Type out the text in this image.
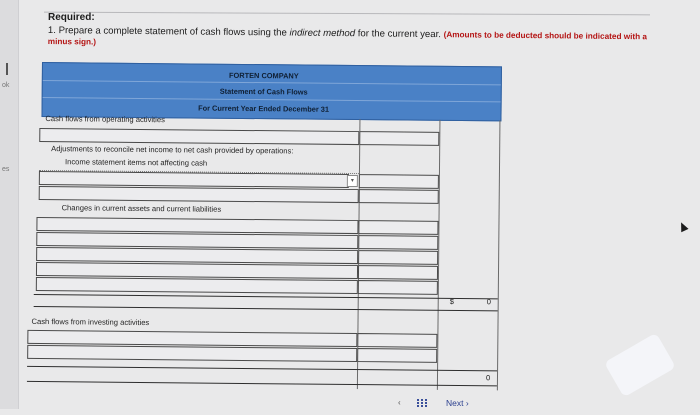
ok
es
Required:
1. Prepare a complete statement of cash flows using the indirect method for the current year. (Amounts to be deducted should be indicated with a minus sign.)
FORTEN COMPANY
Statement of Cash Flows
For Current Year Ended December 31
Cash flows from operating activities
Adjustments to reconcile net income to net cash provided by operations:
Income statement items not affecting cash
▾
Changes in current assets and current liabilities
$	0
Cash flows from investing activities
0
‹	Next ›
